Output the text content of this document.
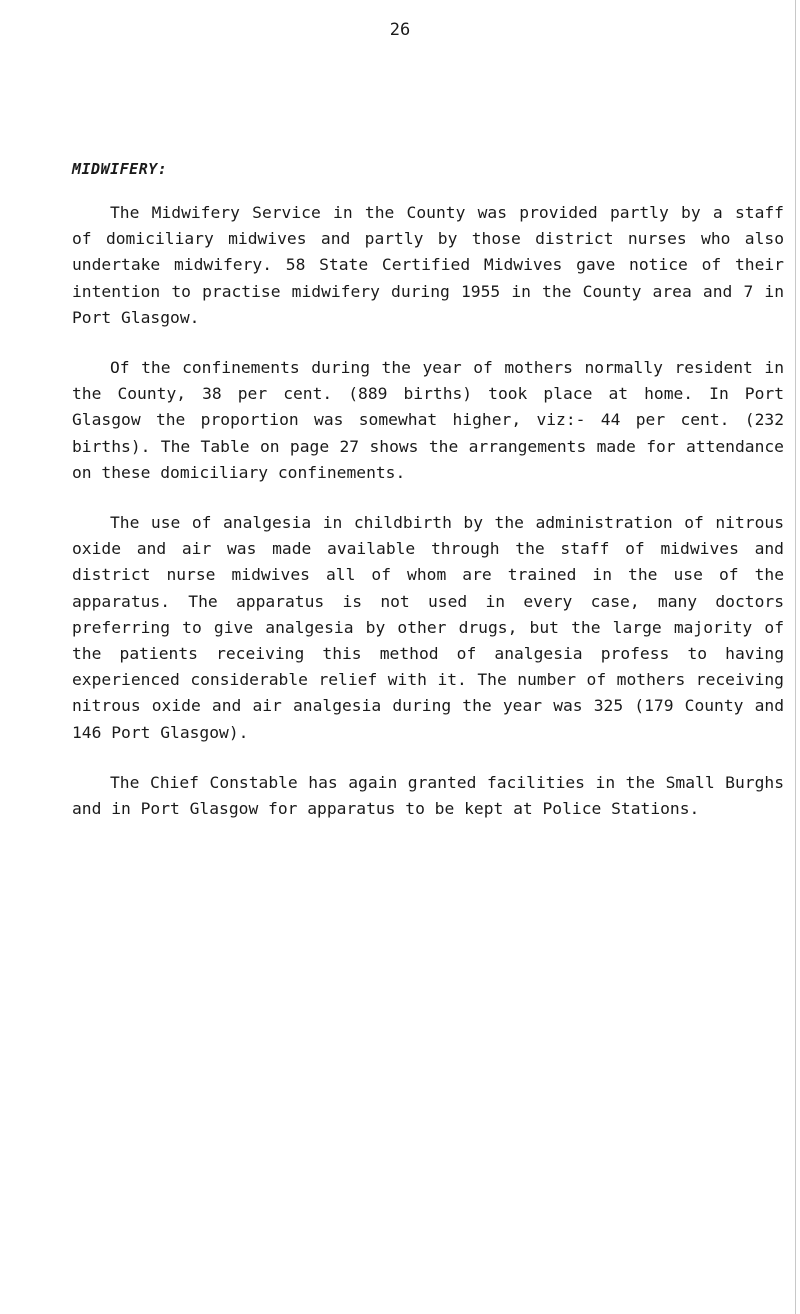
26
MIDWIFERY:

The Midwifery Service in the County was provided partly by a staff of domiciliary midwives and partly by those district nurses who also undertake midwifery. 58 State Certified Midwives gave notice of their intention to practise midwifery during 1955 in the County area and 7 in Port Glasgow.

Of the confinements during the year of mothers normally resident in the County, 38 per cent. (889 births) took place at home. In Port Glasgow the proportion was somewhat higher, viz:- 44 per cent. (232 births). The Table on page 27 shows the arrangements made for attendance on these domiciliary confinements.

The use of analgesia in childbirth by the administration of nitrous oxide and air was made available through the staff of midwives and district nurse midwives all of whom are trained in the use of the apparatus. The apparatus is not used in every case, many doctors preferring to give analgesia by other drugs, but the large majority of the patients receiving this method of analgesia profess to having experienced considerable relief with it. The number of mothers receiving nitrous oxide and air analgesia during the year was 325 (179 County and 146 Port Glasgow).

The Chief Constable has again granted facilities in the Small Burghs and in Port Glasgow for apparatus to be kept at Police Stations.
